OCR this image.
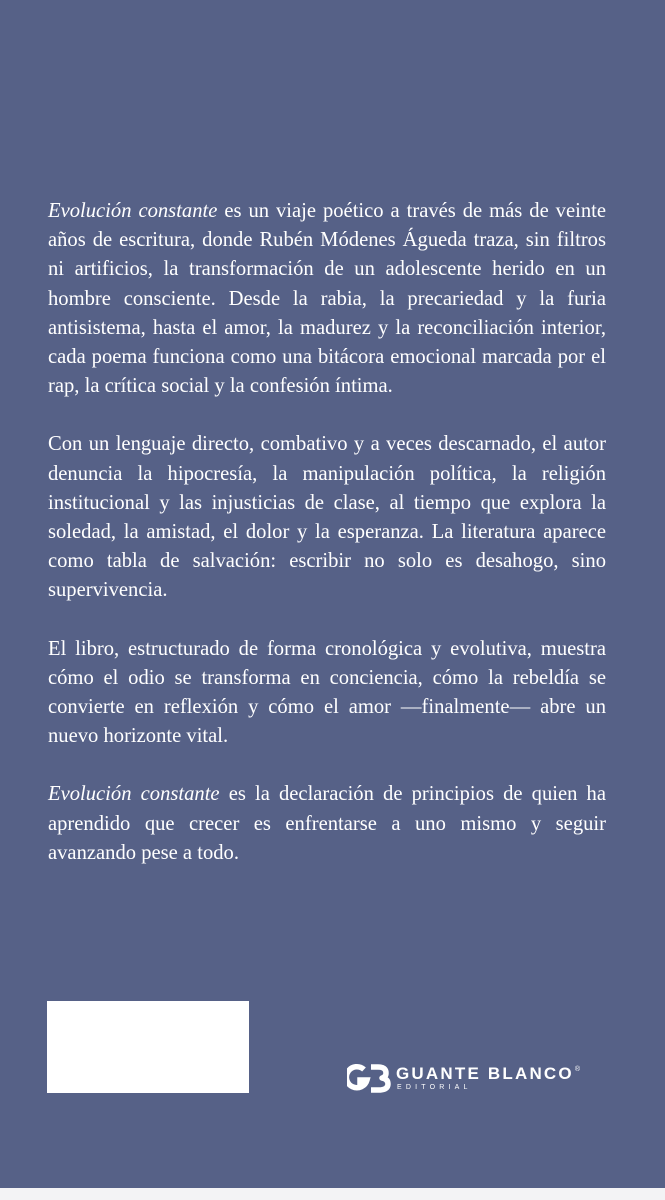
Evolución constante es un viaje poético a través de más de veinte años de escritura, donde Rubén Módenes Águeda traza, sin filtros ni artificios, la transformación de un adolescente herido en un hombre consciente. Desde la rabia, la precariedad y la furia antisistema, hasta el amor, la madurez y la reconciliación interior, cada poema funciona como una bitácora emocional marcada por el rap, la crítica social y la confesión íntima.

Con un lenguaje directo, combativo y a veces descarnado, el autor denuncia la hipocresía, la manipulación política, la religión institucional y las injusticias de clase, al tiempo que explora la soledad, la amistad, el dolor y la esperanza. La literatura aparece como tabla de salvación: escribir no solo es desahogo, sino supervivencia.

El libro, estructurado de forma cronológica y evolutiva, muestra cómo el odio se transforma en conciencia, cómo la rebeldía se convierte en reflexión y cómo el amor —finalmente— abre un nuevo horizonte vital.

Evolución constante es la declaración de principios de quien ha aprendido que crecer es enfrentarse a uno mismo y seguir avanzando pese a todo.

GUANTE BLANCO®
EDITORIAL
